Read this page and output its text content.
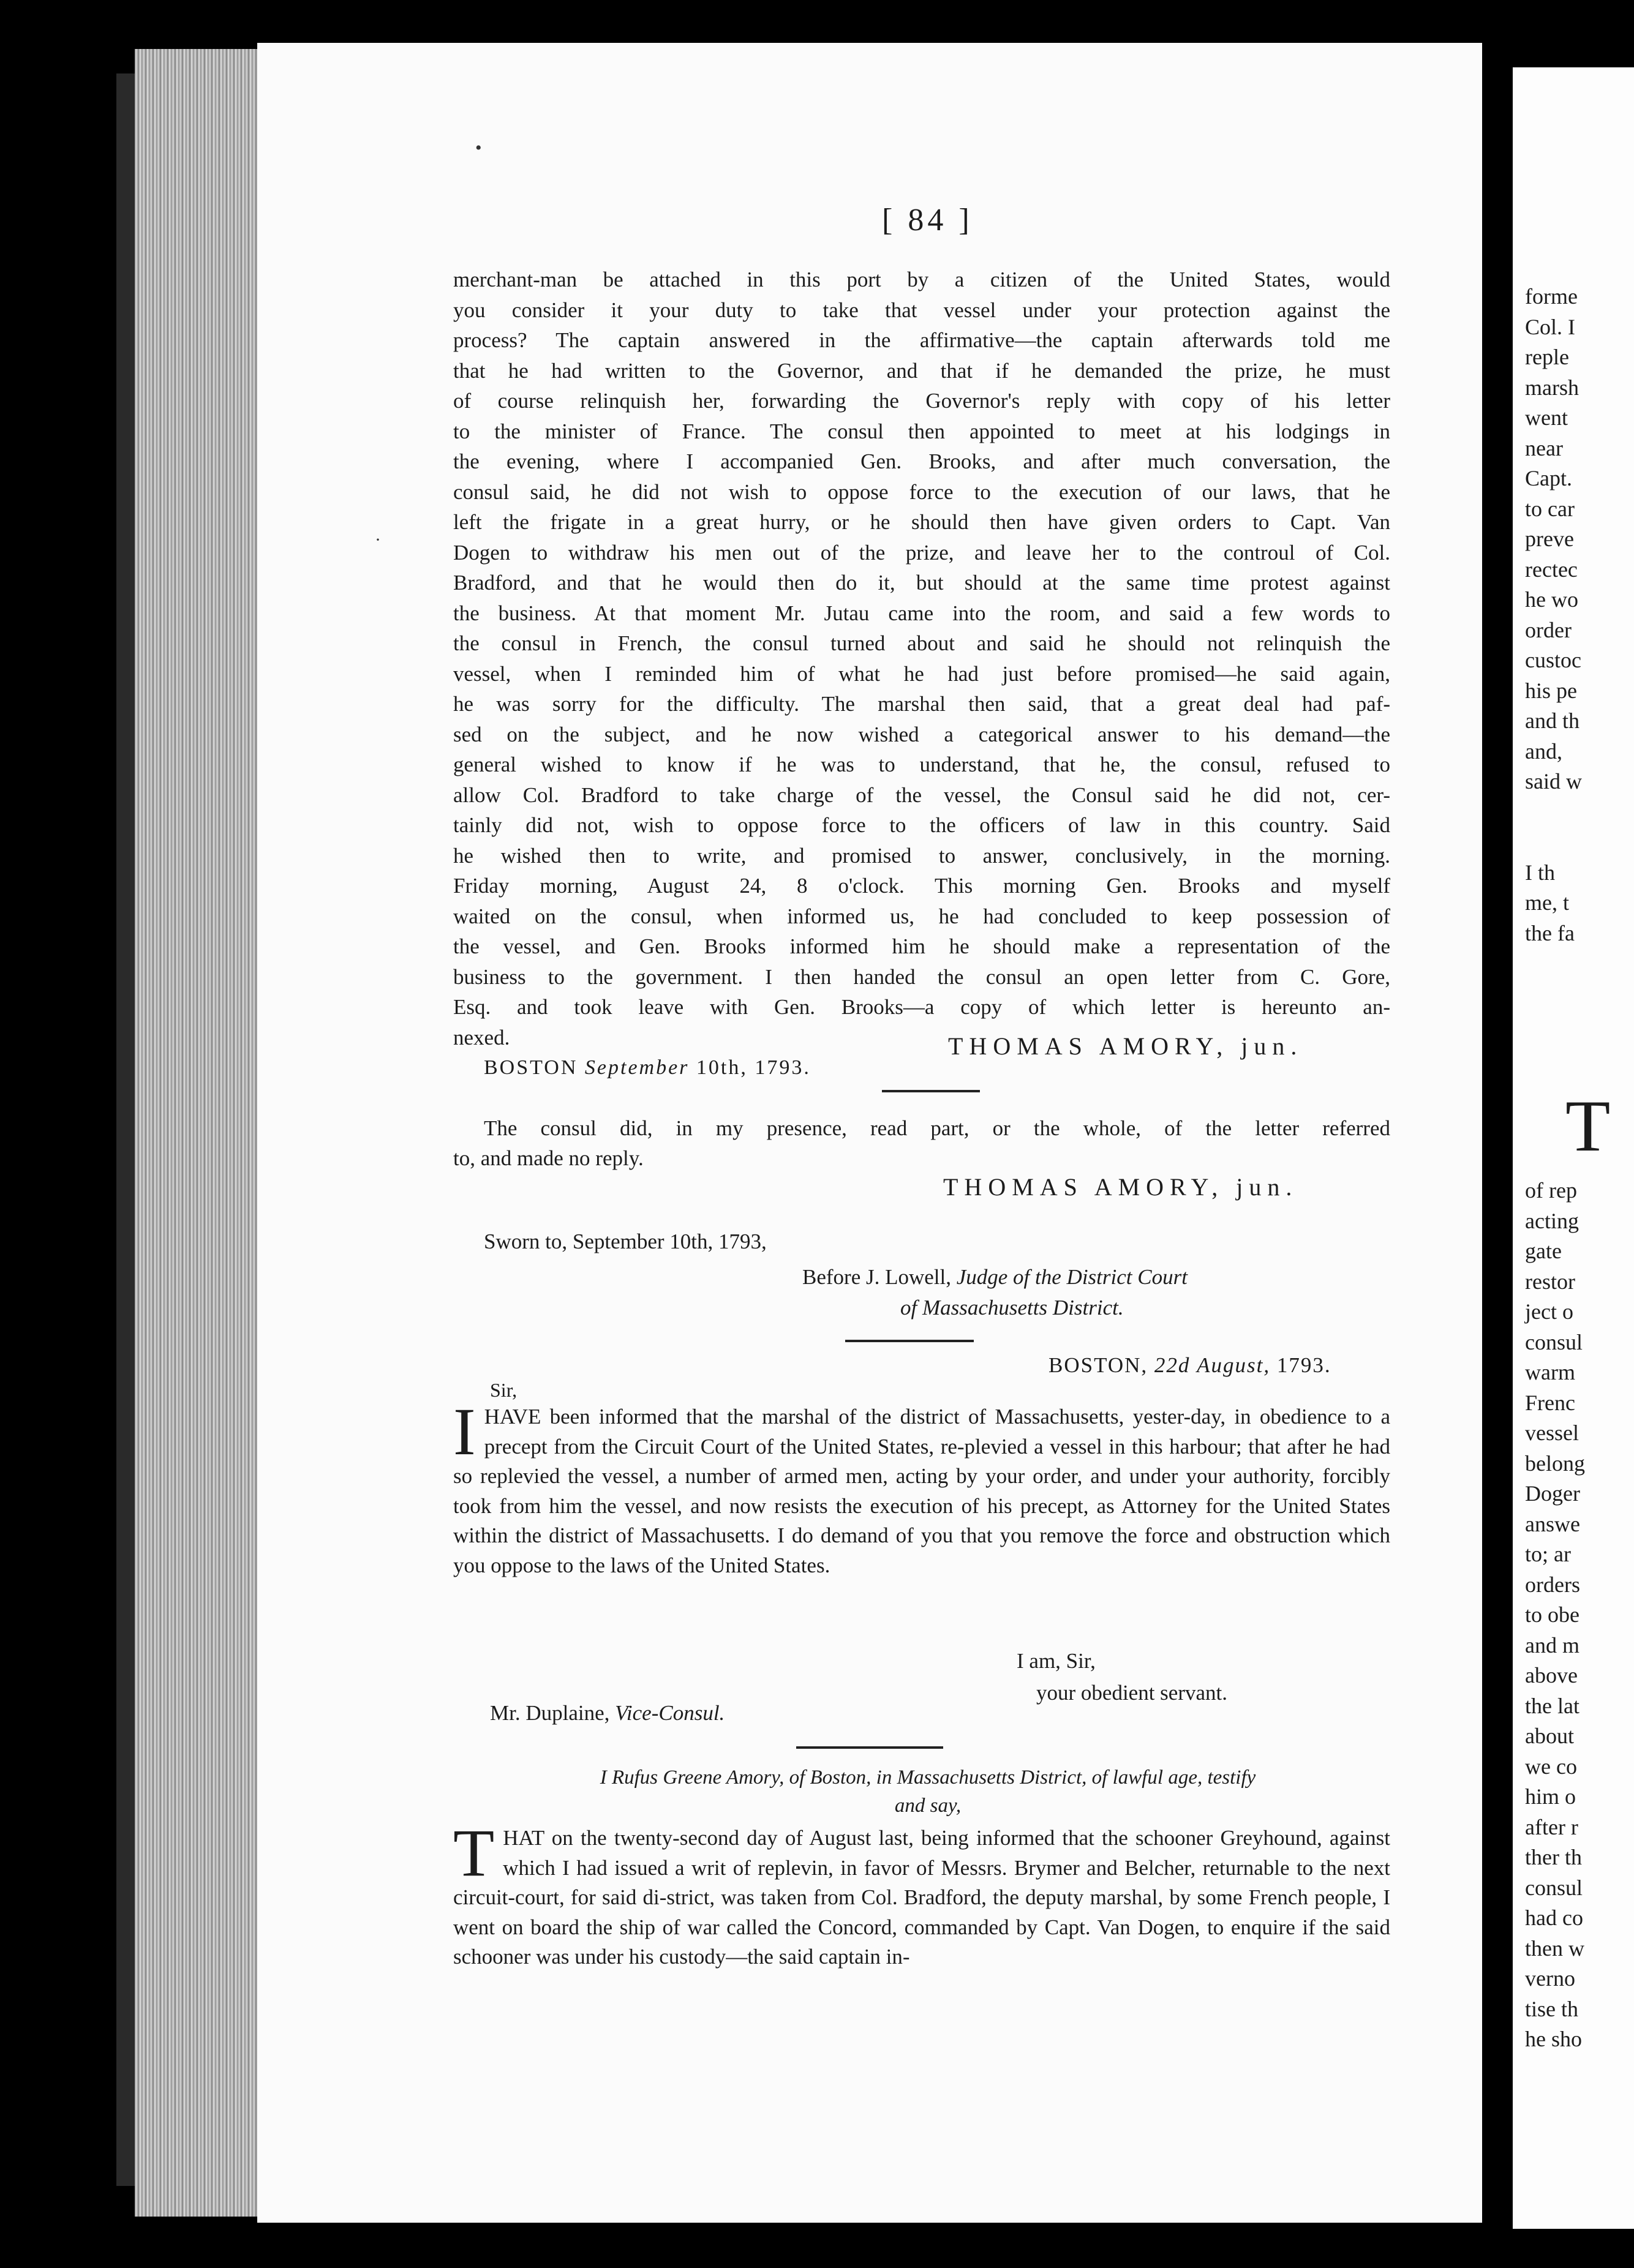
forme
Col. I
reple
marsh
went
near
Capt.
to car
preve
rectec
he wo
order
custoc
his pe
and th
and,
said w

I th
me, t
the fa
T
of rep
acting
gate
restor
ject o
consul
warm
Frenc
vessel
belong
Doger
answe
to; ar
orders
to obe
and m
above
the lat
about
we co
him o
after r
ther th
consul
had co
then w
verno
tise th
he sho
•
·
[ 84 ]
merchant-man be attached in this port by a citizen of the United States, would
you consider it your duty to take that vessel under your protection against the
process? The captain answered in the affirmative—the captain afterwards told me
that he had written to the Governor, and that if he demanded the prize, he must
of course relinquish her, forwarding the Governor's reply with copy of his letter
to the minister of France. The consul then appointed to meet at his lodgings in
the evening, where I accompanied Gen. Brooks, and after much conversation, the
consul said, he did not wish to oppose force to the execution of our laws, that he
left the frigate in a great hurry, or he should then have given orders to Capt. Van
Dogen to withdraw his men out of the prize, and leave her to the controul of Col.
Bradford, and that he would then do it, but should at the same time protest against
the business. At that moment Mr. Jutau came into the room, and said a few words to
the consul in French, the consul turned about and said he should not relinquish the
vessel, when I reminded him of what he had just before promised—he said again,
he was sorry for the difficulty. The marshal then said, that a great deal had paf-
sed on the subject, and he now wished a categorical answer to his demand—the
general wished to know if he was to understand, that he, the consul, refused to
allow Col. Bradford to take charge of the vessel, the Consul said he did not, cer-
tainly did not, wish to oppose force to the officers of law in this country. Said
he wished then to write, and promised to answer, conclusively, in the morning.
Friday morning, August 24, 8 o'clock. This morning Gen. Brooks and myself
waited on the consul, when informed us, he had concluded to keep possession of
the vessel, and Gen. Brooks informed him he should make a representation of the
business to the government. I then handed the consul an open letter from C. Gore,
Esq. and took leave with Gen. Brooks—a copy of which letter is hereunto an-
nexed.	THOMAS AMORY, jun.
BOSTON September 10th, 1793.
The consul did, in my presence, read part, or the whole, of the letter referred
to, and made no reply.
THOMAS AMORY, jun.
Sworn to, September 10th, 1793,
Before J. Lowell, Judge of the District Court
of Massachusetts District.
BOSTON, 22d August, 1793.
Sir,
I HAVE been informed that the marshal of the district of Massachusetts, yester-day, in obedience to a precept from the Circuit Court of the United States, re-plevied a vessel in this harbour; that after he had so replevied the vessel, a number of armed men, acting by your order, and under your authority, forcibly took from him the vessel, and now resists the execution of his precept, as Attorney for the United States within the district of Massachusetts. I do demand of you that you remove the force and obstruction which you oppose to the laws of the United States.
I am, Sir,
your obedient servant.
Mr. Duplaine, Vice-Consul.
I Rufus Greene Amory, of Boston, in Massachusetts District, of lawful age, testify
and say,
T HAT on the twenty-second day of August last, being informed that the schooner Greyhound, against which I had issued a writ of replevin, in favor of Messrs. Brymer and Belcher, returnable to the next circuit-court, for said di-strict, was taken from Col. Bradford, the deputy marshal, by some French people, I went on board the ship of war called the Concord, commanded by Capt. Van Dogen, to enquire if the said schooner was under his custody—the said captain in-
